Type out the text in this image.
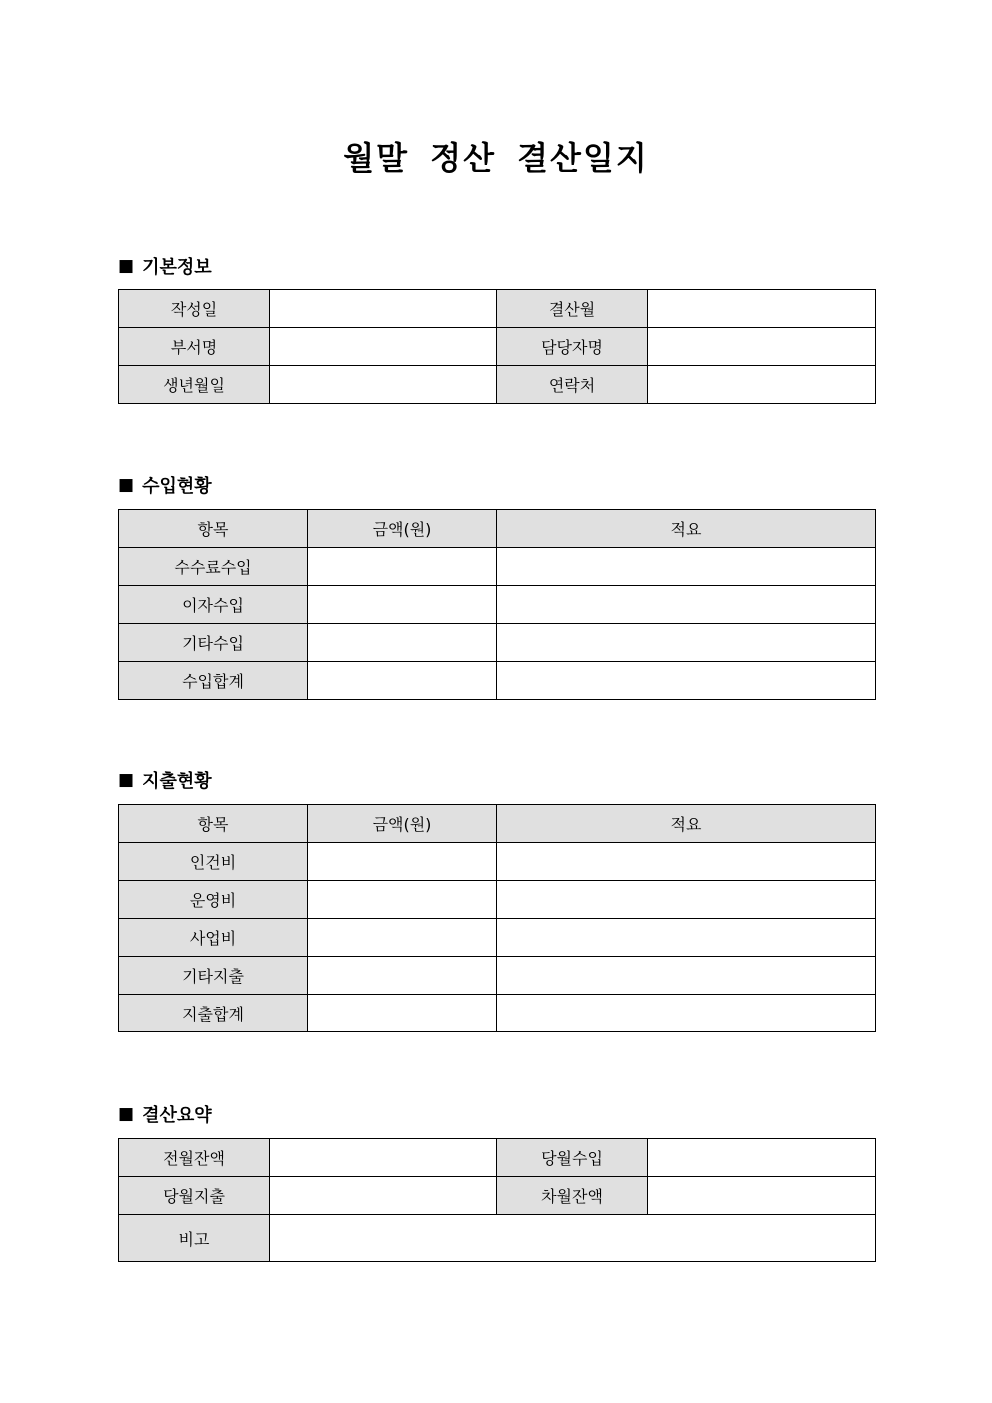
월말 정산 결산일지
■ 기본정보
작성일		결산월	
부서명		담당자명	
생년월일		연락처	
■ 수입현황
항목	금액(원)	적요
수수료수입		
이자수입		
기타수입		
수입합계		
■ 지출현황
항목	금액(원)	적요
인건비		
운영비		
사업비		
기타지출		
지출합계		
■ 결산요약
전월잔액		당월수입	
당월지출		차월잔액	
비고			
